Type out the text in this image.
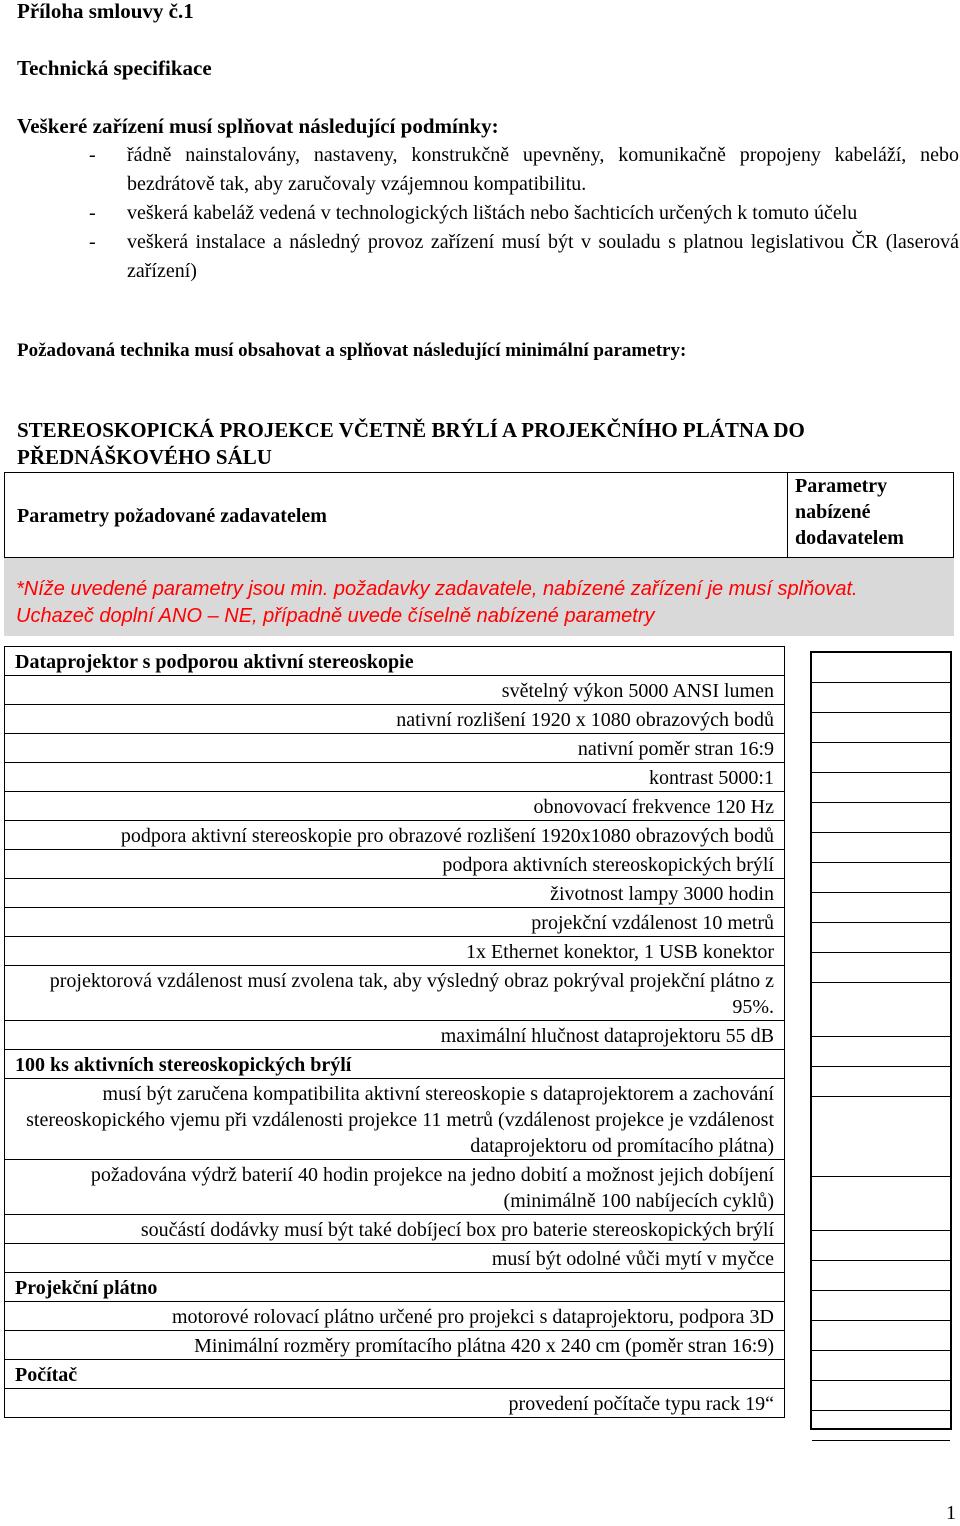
Příloha smlouvy č.1
Technická specifikace
Veškeré zařízení musí splňovat následující podmínky:
- řádně nainstalovány, nastaveny, konstrukčně upevněny, komunikačně propojeny kabeláží, nebo bezdrátově tak, aby zaručovaly vzájemnou kompatibilitu.
- veškerá kabeláž vedená v technologických lištách nebo šachticích určených k tomuto účelu
- veškerá instalace a následný provoz zařízení musí být v souladu s platnou legislativou ČR (laserová zařízení)
Požadovaná technika musí obsahovat a splňovat následující minimální parametry:
STEREOSKOPICKÁ PROJEKCE VČETNĚ BRÝLÍ A PROJEKČNÍHO PLÁTNA DO PŘEDNÁŠKOVÉHO SÁLU
Parametry požadované zadavatelem
Parametry nabízené dodavatelem
*Níže uvedené parametry jsou min. požadavky zadavatele, nabízené zařízení je musí splňovat. Uchazeč doplní ANO – NE, případně uvede číselně nabízené parametry
Dataprojektor s podporou aktivní stereoskopie
světelný výkon 5000 ANSI lumen
nativní rozlišení 1920 x 1080 obrazových bodů
nativní poměr stran 16:9
kontrast 5000:1
obnovovací frekvence 120 Hz
podpora aktivní stereoskopie pro obrazové rozlišení 1920x1080 obrazových bodů
podpora aktivních stereoskopických brýlí
životnost lampy 3000 hodin
projekční vzdálenost 10 metrů
1x Ethernet konektor, 1 USB konektor
projektorová vzdálenost musí zvolena tak, aby výsledný obraz pokrýval projekční plátno z 95%.
maximální hlučnost dataprojektoru 55 dB
100 ks aktivních stereoskopických brýlí
musí být zaručena kompatibilita aktivní stereoskopie s dataprojektorem a zachování stereoskopického vjemu při vzdálenosti projekce 11 metrů (vzdálenost projekce je vzdálenost dataprojektoru od promítacího plátna)
požadována výdrž baterií 40 hodin projekce na jedno dobití a možnost jejich dobíjení (minimálně 100 nabíjecích cyklů)
součástí dodávky musí být také dobíjecí box pro baterie stereoskopických brýlí
musí být odolné vůči mytí v myčce
Projekční plátno
motorové rolovací plátno určené pro projekci s dataprojektoru, podpora 3D
Minimální rozměry promítacího plátna 420 x 240 cm (poměr stran 16:9)
Počítač
provedení počítače typu rack 19“
1
